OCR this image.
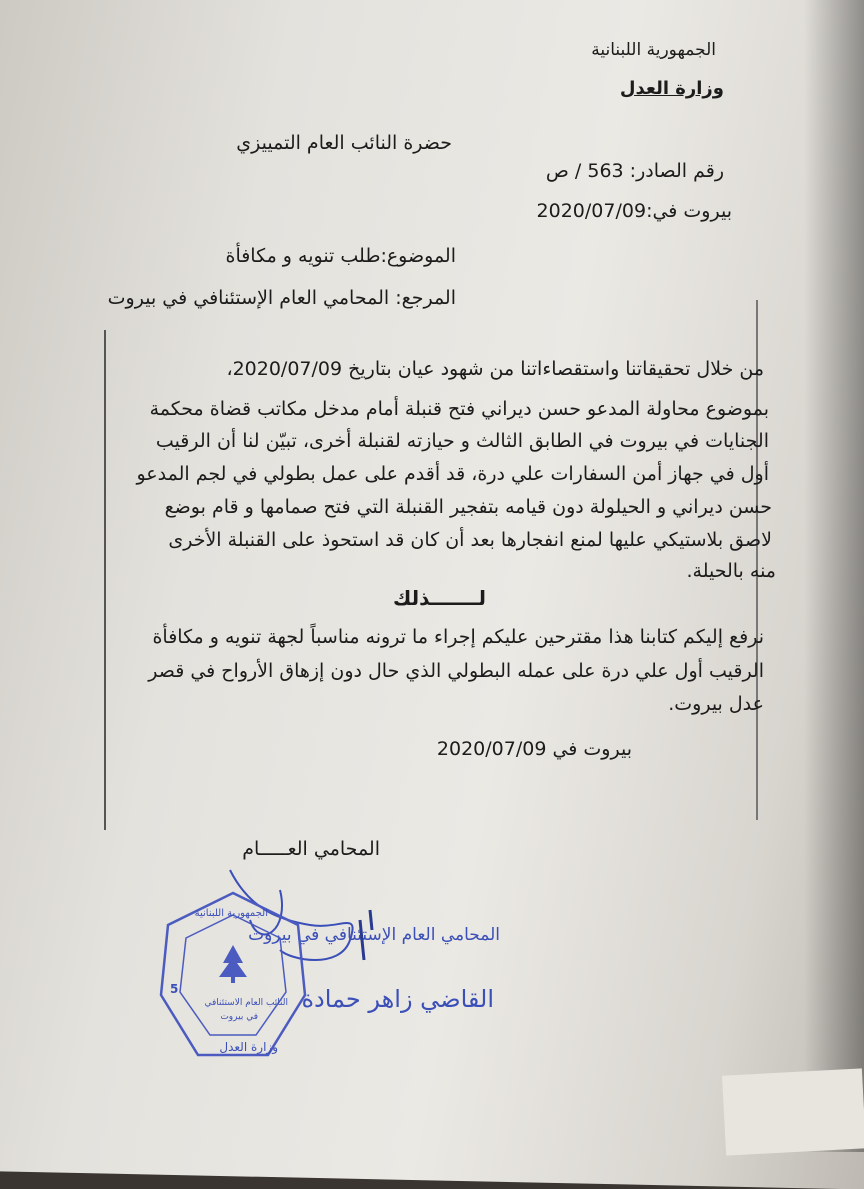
الجمهورية اللبنانية
وزارة العدل
حضرة النائب العام التمييزي
رقم الصادر: 563 / ص
بيروت في:2020/07/09
الموضوع:طلب تنويه و مكافأة
المرجع: المحامي العام الإستئنافي في بيروت
من خلال تحقيقاتنا واستقصاءاتنا من شهود عيان بتاريخ 2020/07/09،
بموضوع محاولة المدعو حسن ديراني فتح قنبلة أمام مدخل مكاتب قضاة محكمة
الجنايات في بيروت في الطابق الثالث و حيازته لقنبلة أخرى، تبيّن لنا أن الرقيب
أول في جهاز أمن السفارات علي درة، قد أقدم على عمل بطولي في لجم المدعو
حسن ديراني و الحيلولة دون قيامه بتفجير القنبلة التي فتح صمامها و قام بوضع
لاصق بلاستيكي عليها لمنع انفجارها بعد أن كان قد استحوذ على القنبلة الأخرى
منه بالحيلة.
لـــــــذلك
نرفع إليكم كتابنا هذا مقترحين عليكم إجراء ما ترونه مناسباً لجهة تنويه و مكافأة
الرقيب أول علي درة على عمله البطولي الذي حال دون إزهاق الأرواح في قصر
عدل بيروت.
بيروت في 2020/07/09
المحامي العـــــام
المحامي العام الإستئنافي في بيروت
القاضي زاهر حمادة
النائب العام الاستئنافي
في بيروت
الجمهورية اللبنانية
وزارة العدل
5
